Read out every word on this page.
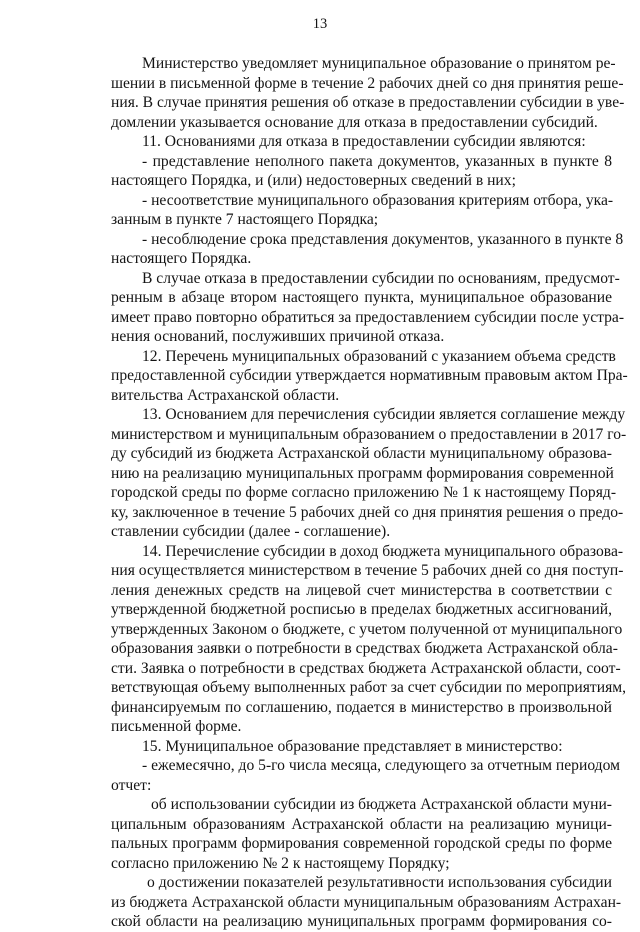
13
Министерство уведомляет муниципальное образование о принятом ре-
шении в письменной форме в течение 2 рабочих дней со дня принятия реше-
ния. В случае принятия решения об отказе в предоставлении субсидии в уве-
домлении указывается основание для отказа в предоставлении субсидий.
11. Основаниями для отказа в предоставлении субсидии являются:
- представление неполного пакета документов, указанных в пункте 8
настоящего Порядка, и (или) недостоверных сведений в них;
- несоответствие муниципального образования критериям отбора, ука-
занным в пункте 7 настоящего Порядка;
- несоблюдение срока представления документов, указанного в пункте 8
настоящего Порядка.
В случае отказа в предоставлении субсидии по основаниям, предусмот-
ренным в абзаце втором настоящего пункта, муниципальное образование
имеет право повторно обратиться за предоставлением субсидии после устра-
нения оснований, послуживших причиной отказа.
12. Перечень муниципальных образований с указанием объема средств
предоставленной субсидии утверждается нормативным правовым актом Пра-
вительства Астраханской области.
13. Основанием для перечисления субсидии является соглашение между
министерством и муниципальным образованием о предоставлении в 2017 го-
ду субсидий из бюджета Астраханской области муниципальному образова-
нию на реализацию муниципальных программ формирования современной
городской среды по форме согласно приложению № 1 к настоящему Поряд-
ку, заключенное в течение 5 рабочих дней со дня принятия решения о предо-
ставлении субсидии (далее - соглашение).
14. Перечисление субсидии в доход бюджета муниципального образова-
ния осуществляется министерством в течение 5 рабочих дней со дня поступ-
ления денежных средств на лицевой счет министерства в соответствии с
утвержденной бюджетной росписью в пределах бюджетных ассигнований,
утвержденных Законом о бюджете, с учетом полученной от муниципального
образования заявки о потребности в средствах бюджета Астраханской обла-
сти. Заявка о потребности в средствах бюджета Астраханской области, соот-
ветствующая объему выполненных работ за счет субсидии по мероприятиям,
финансируемым по соглашению, подается в министерство в произвольной
письменной форме.
15. Муниципальное образование представляет в министерство:
- ежемесячно, до 5-го числа месяца, следующего за отчетным периодом
отчет:
об использовании субсидии из бюджета Астраханской области муни-
ципальным образованиям Астраханской области на реализацию муници-
пальных программ формирования современной городской среды по форме
согласно приложению № 2 к настоящему Порядку;
о достижении показателей результативности использования субсидии
из бюджета Астраханской области муниципальным образованиям Астрахан-
ской области на реализацию муниципальных программ формирования со-
